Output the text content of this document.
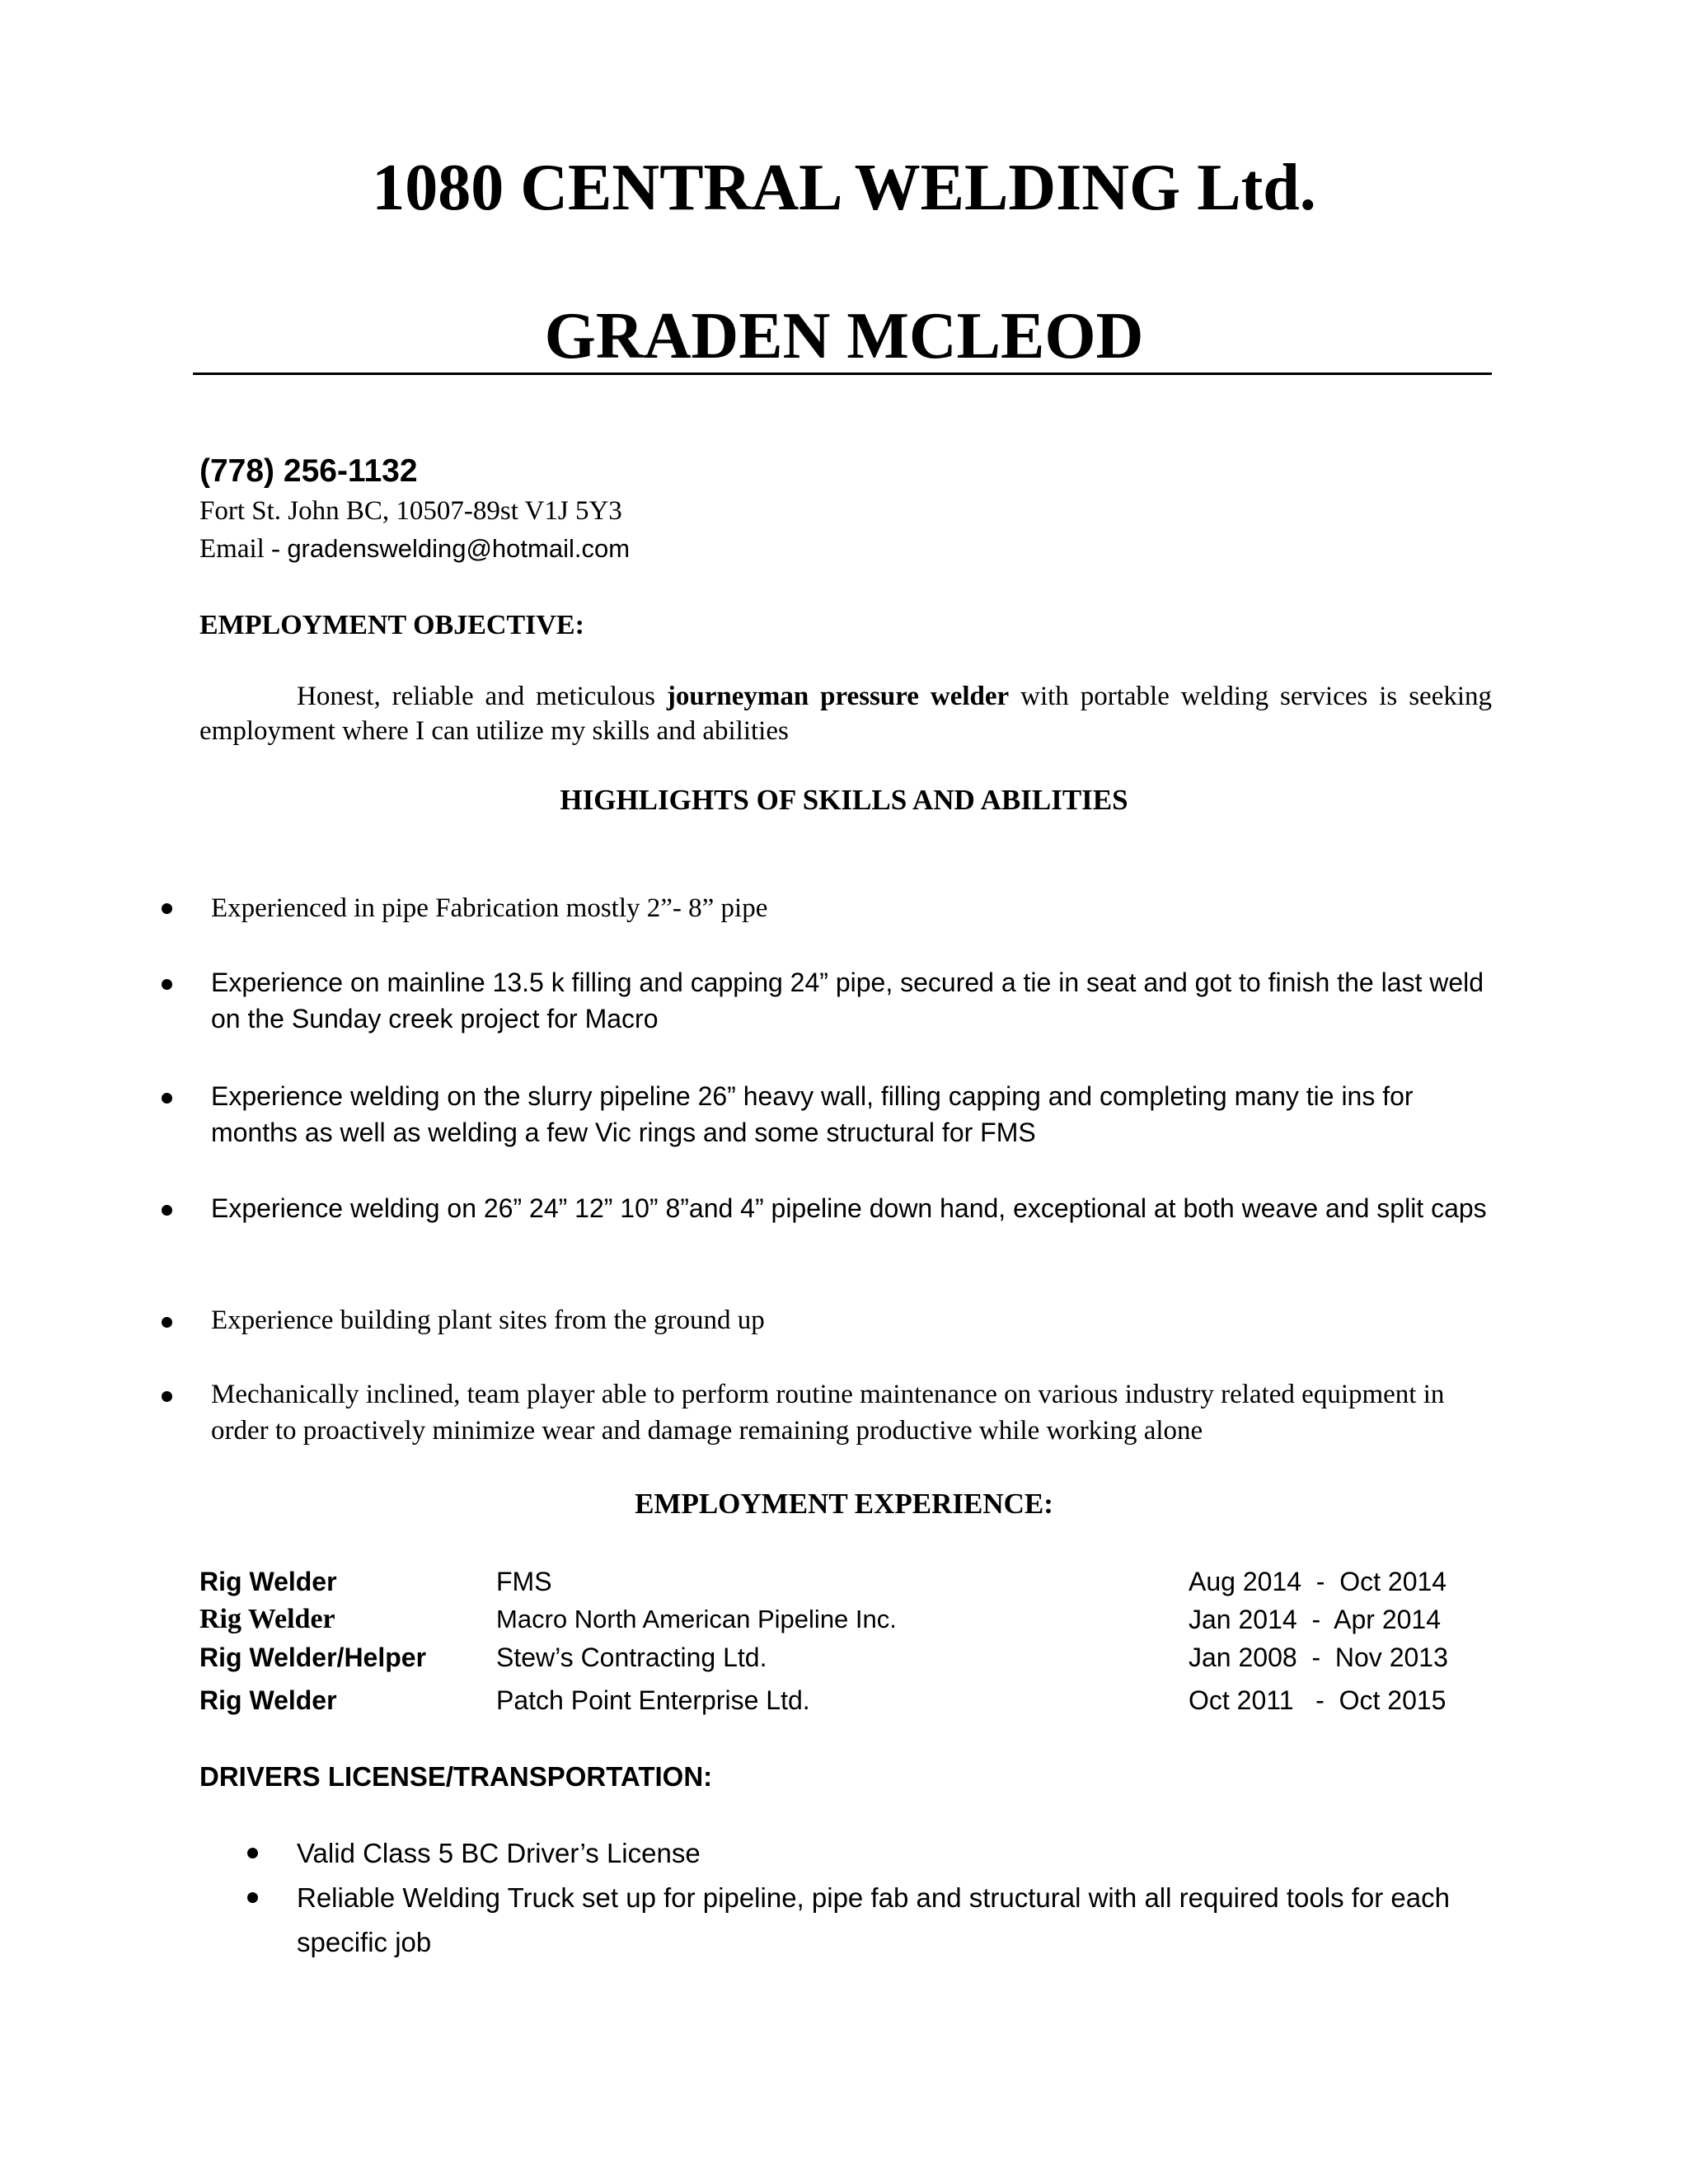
1080 CENTRAL WELDING Ltd.
GRADEN MCLEOD
(778) 256-1132
Fort St. John BC, 10507-89st V1J 5Y3
Email - gradenswelding@hotmail.com
EMPLOYMENT OBJECTIVE:
Honest, reliable and meticulous journeyman pressure welder with portable welding services is seeking employment where I can utilize my skills and abilities
HIGHLIGHTS OF SKILLS AND ABILITIES
Experienced in pipe Fabrication mostly 2”- 8” pipe
Experience on mainline 13.5 k filling and capping 24” pipe, secured a tie in seat and got to finish the last weld on the Sunday creek project for Macro
Experience welding on the slurry pipeline 26” heavy wall, filling capping and completing many tie ins for months as well as welding a few Vic rings and some structural for FMS
Experience welding on 26” 24” 12” 10” 8”and 4” pipeline down hand, exceptional at both weave and split caps
Experience building plant sites from the ground up
Mechanically inclined, team player able to perform routine maintenance on various industry related equipment in order to proactively minimize wear and damage remaining productive while working alone
EMPLOYMENT EXPERIENCE:
Rig Welder	FMS	Aug 2014  -  Oct 2014
Rig Welder	Macro North American Pipeline Inc.	Jan 2014  -  Apr 2014
Rig Welder/Helper	Stew’s Contracting Ltd.	Jan 2008  -  Nov 2013
Rig Welder	Patch Point Enterprise Ltd.	Oct 2011   -  Oct 2015
DRIVERS LICENSE/TRANSPORTATION:
Valid Class 5 BC Driver’s License
Reliable Welding Truck set up for pipeline, pipe fab and structural with all required tools for each specific job
